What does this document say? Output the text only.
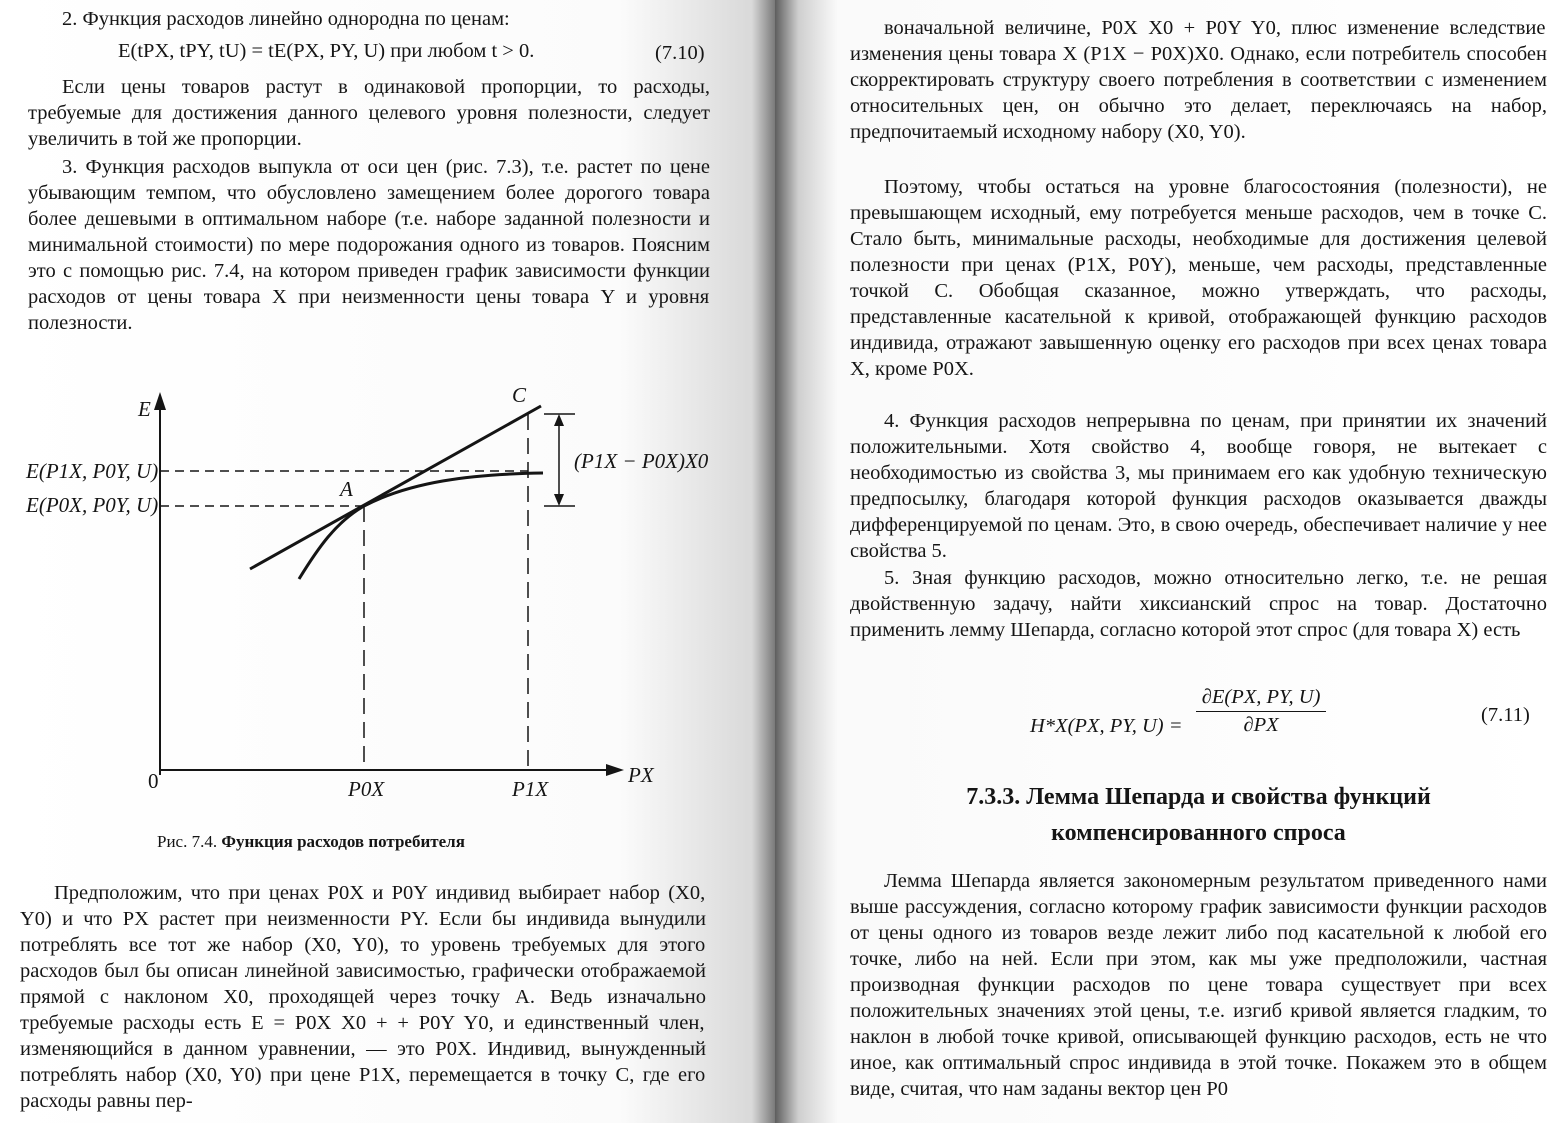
2. Функция расходов линейно однородна по ценам:
E(tPX, tPY, tU) = tE(PX, PY, U) при любом t > 0.	(7.10)
Если цены товаров растут в одинаковой пропорции, то расходы,
требуемые для достижения данного целевого уровня полезности, следует
увеличить в той же пропорции.
3. Функция расходов выпукла от оси цен (рис. 7.3), т.е. растет по цене
убывающим темпом, что обусловлено замещением более дорогого товара
более дешевыми в оптимальном наборе (т.е. наборе заданной полезности и
минимальной стоимости) по мере подорожания одного из товаров. Поясним
это с помощью рис. 7.4, на котором приведен график зависимости функции
расходов от цены товара X при неизменности цены товара Y и уровня
полезности.
E
PX
A
C
E(P1X, P0Y, U)
E(P0X, P0Y, U)
P0X	P1X
(P1X − P0X)X0
0
Рис. 7.4. Функция расходов потребителя
Предположим, что при ценах P0X и P0Y индивид выбирает набор (X0,
Y0) и что PX растет при неизменности PY. Если бы индивида вынудили
потреблять все тот же набор (X0, Y0), то уровень требуемых для этого
расходов был бы описан линейной зависимостью, графически отображаемой
прямой с наклоном X0, проходящей через точку A. Ведь изначально
требуемые расходы есть E = P0X X0 + + P0Y Y0, и единственный член,
изменяющийся в данном уравнении, — это P0X. Индивид, вынужденный
потреблять набор (X0, Y0) при цене P1X, перемещается в точку C, где его
расходы равны пер-
воначальной величине, P0X X0 + P0Y Y0, плюс изменение вследствие
изменения цены товара X (P1X − P0X)X0. Однако, если потребитель способен
скорректировать структуру своего потребления в соответствии с изменением
относительных цен, он обычно это делает, переключаясь на набор,
предпочитаемый исходному набору (X0, Y0).
Поэтому, чтобы остаться на уровне благосостояния (полезности), не
превышающем исходный, ему потребуется меньше расходов, чем в точке C.
Стало быть, минимальные расходы, необходимые для достижения целевой
полезности при ценах (P1X, P0Y), меньше, чем расходы, представленные
точкой C. Обобщая сказанное, можно утверждать, что расходы,
представленные касательной к кривой, отображающей функцию расходов
индивида, отражают завышенную оценку его расходов при всех ценах товара
X, кроме P0X.
4. Функция расходов непрерывна по ценам, при принятии их значений
положительными. Хотя свойство 4, вообще говоря, не вытекает с
необходимостью из свойства 3, мы принимаем его как удобную техническую
предпосылку, благодаря которой функция расходов оказывается дважды
дифференцируемой по ценам. Это, в свою очередь, обеспечивает наличие у нее
свойства 5.
5. Зная функцию расходов, можно относительно легко, т.е. не решая
двойственную задачу, найти хиксианский спрос на товар. Достаточно
применить лемму Шепарда, согласно которой этот спрос (для товара X) есть
H*X(PX, PY, $U) = \frac{\partial E(PX, PY, U)}{\partial PX}$	(7.11)
7.3.3. Лемма Шепарда и свойства функций
компенсированного спроса
Лемма Шепарда является закономерным результатом приведенного нами
выше рассуждения, согласно которому график зависимости функции расходов
от цены одного из товаров везде лежит либо под касательной к любой его
точке, либо на ней. Если при этом, как мы уже предположили, частная
производная функции расходов по цене товара существует при всех
положительных значениях этой цены, т.е. изгиб кривой является гладким, то
наклон в любой точке кривой, описывающей функцию расходов, есть не что
иное, как оптимальный спрос индивида в этой точке. Покажем это в общем
виде, считая, что нам заданы вектор цен P0
